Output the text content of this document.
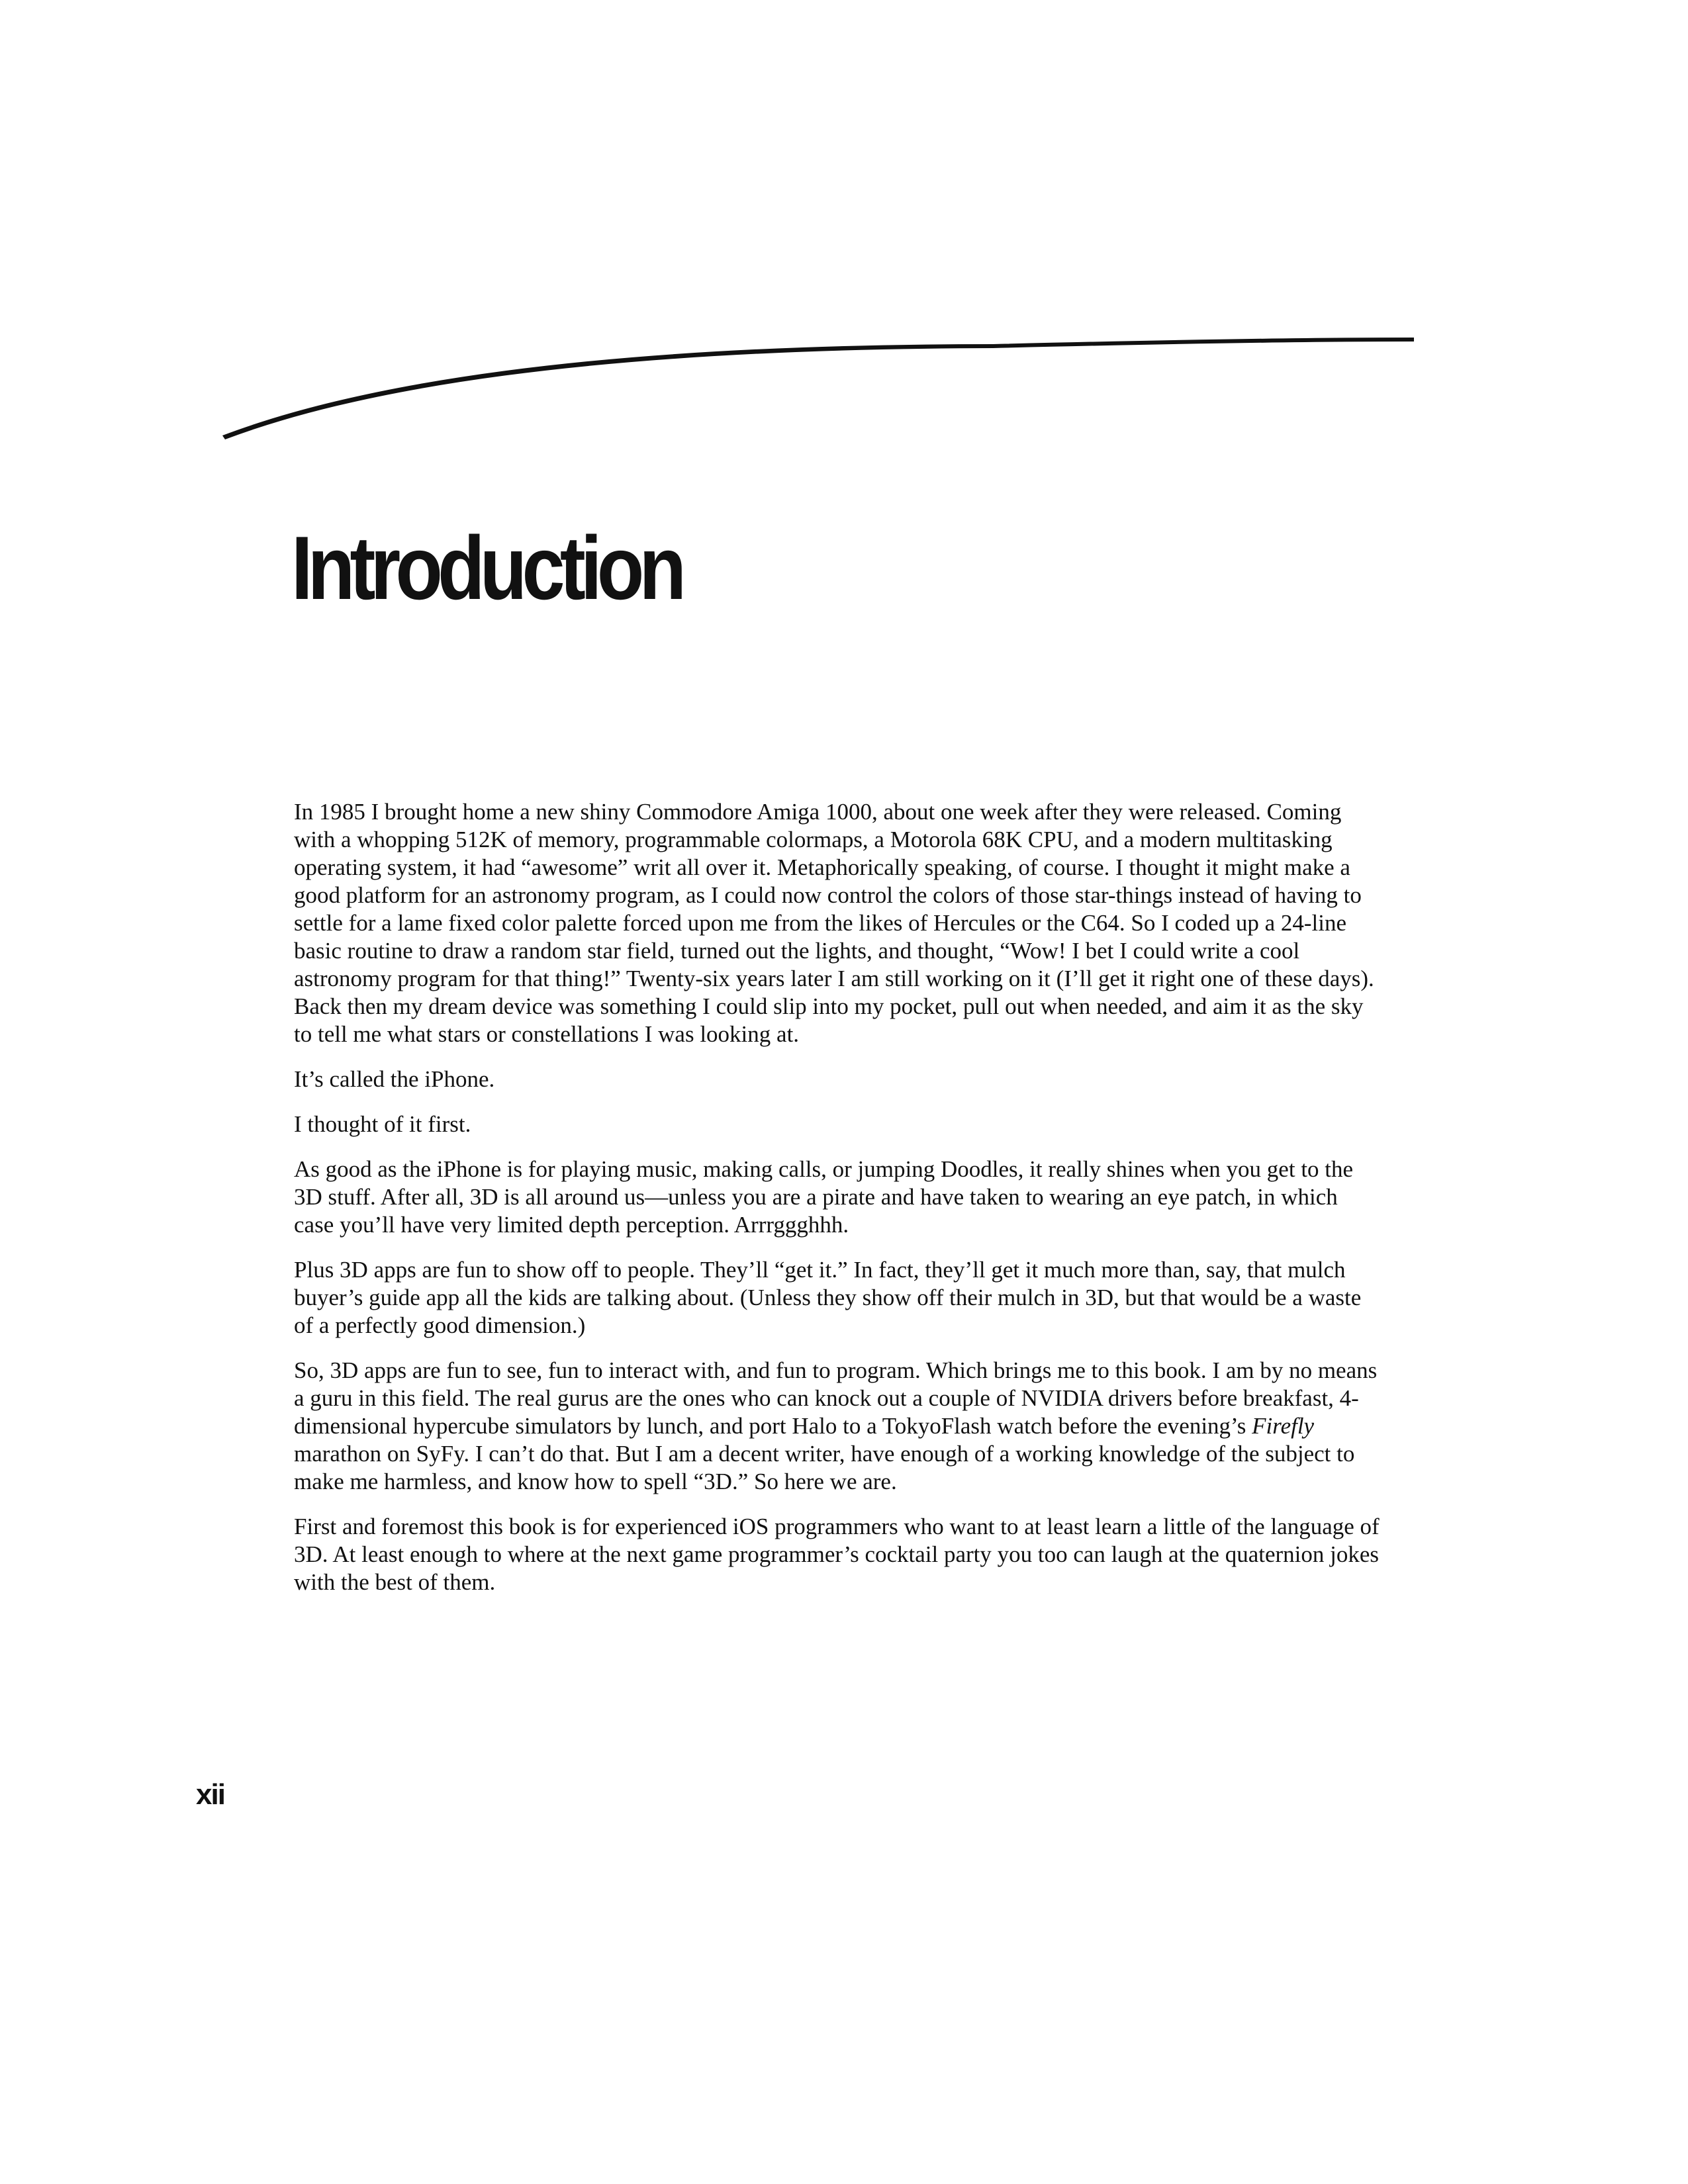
Introduction

In 1985 I brought home a new shiny Commodore Amiga 1000, about one week after they were released. Coming with a whopping 512K of memory, programmable colormaps, a Motorola 68K CPU, and a modern multitasking operating system, it had “awesome” writ all over it. Metaphorically speaking, of course. I thought it might make a good platform for an astronomy program, as I could now control the colors of those star-things instead of having to settle for a lame fixed color palette forced upon me from the likes of Hercules or the C64. So I coded up a 24-line basic routine to draw a random star field, turned out the lights, and thought, “Wow! I bet I could write a cool astronomy program for that thing!” Twenty-six years later I am still working on it (I’ll get it right one of these days). Back then my dream device was something I could slip into my pocket, pull out when needed, and aim it as the sky to tell me what stars or constellations I was looking at.

It’s called the iPhone.

I thought of it first.

As good as the iPhone is for playing music, making calls, or jumping Doodles, it really shines when you get to the 3D stuff. After all, 3D is all around us—unless you are a pirate and have taken to wearing an eye patch, in which case you’ll have very limited depth perception. Arrrggghhh.

Plus 3D apps are fun to show off to people. They’ll “get it.” In fact, they’ll get it much more than, say, that mulch buyer’s guide app all the kids are talking about. (Unless they show off their mulch in 3D, but that would be a waste of a perfectly good dimension.)

So, 3D apps are fun to see, fun to interact with, and fun to program. Which brings me to this book. I am by no means a guru in this field. The real gurus are the ones who can knock out a couple of NVIDIA drivers before breakfast, 4-dimensional hypercube simulators by lunch, and port Halo to a TokyoFlash watch before the evening’s Firefly marathon on SyFy. I can’t do that. But I am a decent writer, have enough of a working knowledge of the subject to make me harmless, and know how to spell “3D.” So here we are.

First and foremost this book is for experienced iOS programmers who want to at least learn a little of the language of 3D. At least enough to where at the next game programmer’s cocktail party you too can laugh at the quaternion jokes with the best of them.

xii
